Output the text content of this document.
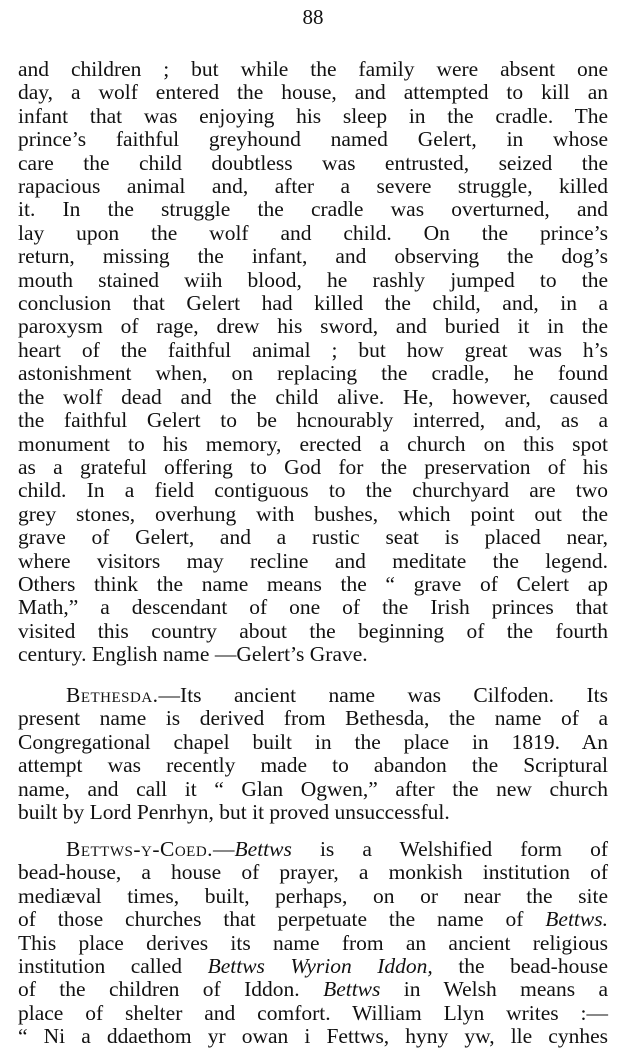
88
and children ; but while the family were absent one
day, a wolf entered the house, and attempted to kill an
infant that was enjoying his sleep in the cradle. The
prince’s faithful greyhound named Gelert, in whose
care the child doubtless was entrusted, seized the
rapacious animal and, after a severe struggle, killed
it. In the struggle the cradle was overturned, and
lay upon the wolf and child. On the prince’s
return, missing the infant, and observing the dog’s
mouth stained wiih blood, he rashly jumped to the
conclusion that Gelert had killed the child, and, in a
paroxysm of rage, drew his sword, and buried it in the
heart of the faithful animal ; but how great was h’s
astonishment when, on replacing the cradle, he found
the wolf dead and the child alive. He, however, caused
the faithful Gelert to be hcnourably interred, and, as a
monument to his memory, erected a church on this spot
as a grateful offering to God for the preservation of his
child. In a field contiguous to the churchyard are two
grey stones, overhung with bushes, which point out the
grave of Gelert, and a rustic seat is placed near,
where visitors may recline and meditate the legend.
Others think the name means the “ grave of Celert ap
Math,” a descendant of one of the Irish princes that
visited this country about the beginning of the fourth
century. English name —Gelert’s Grave.
Bethesda.—Its ancient name was Cilfoden. Its
present name is derived from Bethesda, the name of a
Congregational chapel built in the place in 1819. An
attempt was recently made to abandon the Scriptural
name, and call it “ Glan Ogwen,” after the new church
built by Lord Penrhyn, but it proved unsuccessful.
Bettws-y-Coed.—Bettws is a Welshified form of
bead-house, a house of prayer, a monkish institution of
mediæval times, built, perhaps, on or near the site
of those churches that perpetuate the name of Bettws.
This place derives its name from an ancient religious
institution called Bettws Wyrion Iddon, the bead-house
of the children of Iddon. Bettws in Welsh means a
place of shelter and comfort. William Llyn writes :—
“ Ni a ddaethom yr owan i Fettws, hyny yw, lle cynhes
